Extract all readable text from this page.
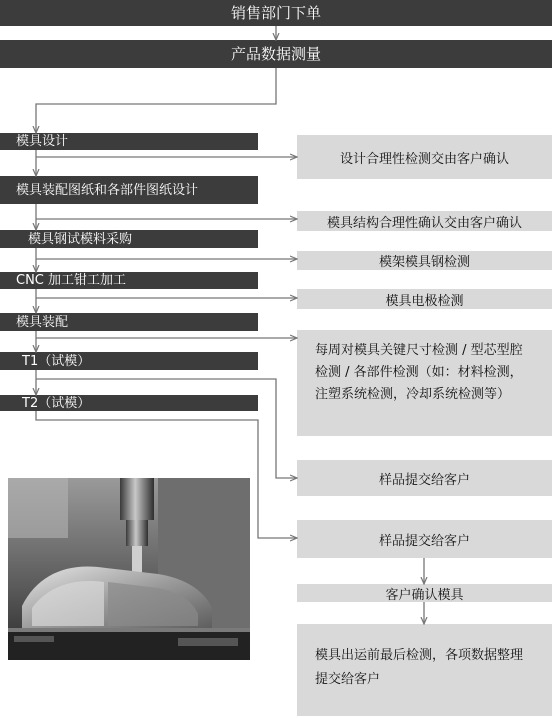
销售部门下单
产品数据测量
模具设计
模具装配图纸和各部件图纸设计
模具钢试模料采购
CNC 加工钳工加工
模具装配
T1（试模）
T2（试模）
设计合理性检测交由客户确认
模具结构合理性确认交由客户确认
模架模具钢检测
模具电极检测
每周对模具关键尺寸检测 / 型芯型腔检测 / 各部件检测（如：材料检测，注塑系统检测，冷却系统检测等）
样品提交给客户
样品提交给客户
客户确认模具
模具出运前最后检测，各项数据整理提交给客户
